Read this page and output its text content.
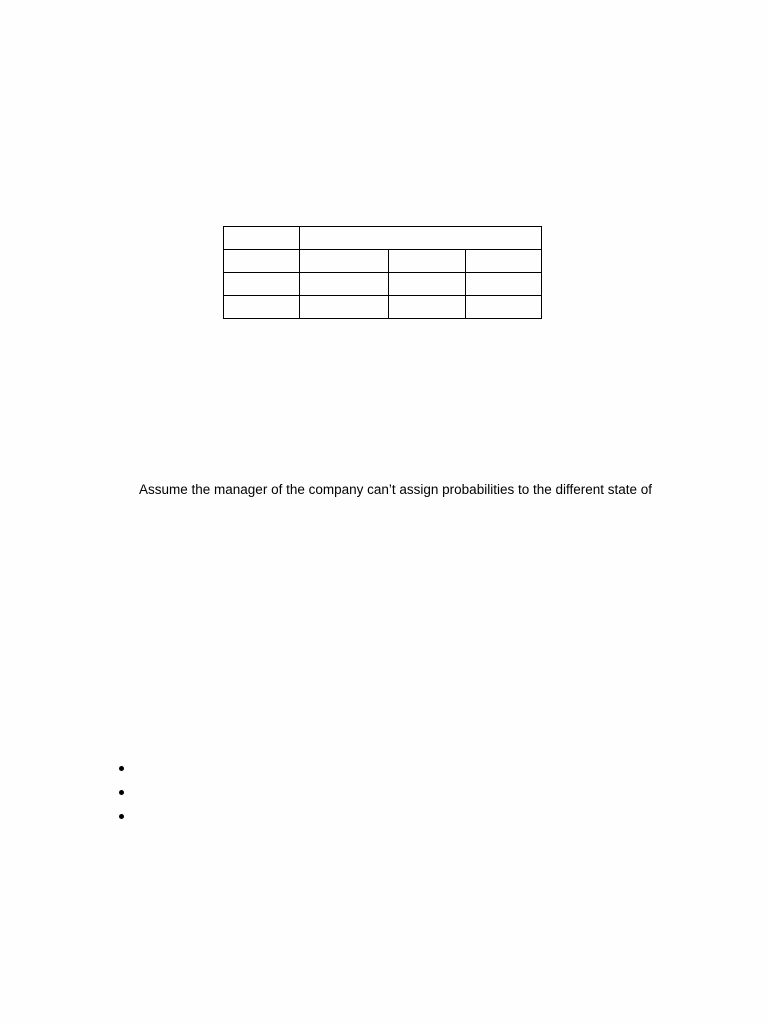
Assume the manager of the company can’t assign probabilities to the different state of
